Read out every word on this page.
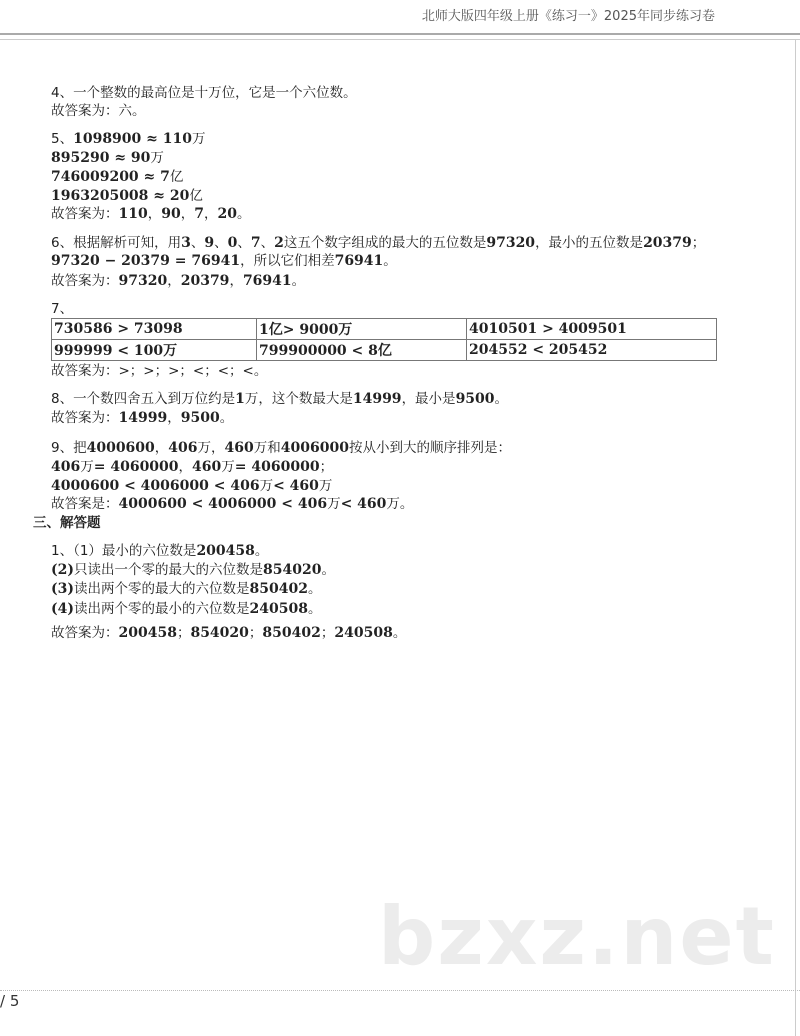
北师大版四年级上册《练习一》2025年同步练习卷
4、一个整数的最高位是十万位，它是一个六位数。
故答案为：六。
5、1098900 ≈ 110万
895290 ≈ 90万
746009200 ≈ 7亿
1963205008 ≈ 20亿
故答案为：110，90，7，20。
6、根据解析可知，用3、9、0、7、2这五个数字组成的最大的五位数是97320，最小的五位数是20379；
97320 − 20379 = 76941，所以它们相差76941。
故答案为：97320，20379，76941。
7、
故答案为：>；>；>；<；<；<。
8、一个数四舍五入到万位约是1万，这个数最大是14999，最小是9500。
故答案为：14999，9500。
9、把4000600，406万，460万和4006000按从小到大的顺序排列是：
406万= 4060000，460万= 4060000；
4000600 < 4006000 < 406万< 460万
故答案是：4000600 < 4006000 < 406万< 460万。
三、解答题
1、（1）最小的六位数是200458。
(2)只读出一个零的最大的六位数是854020。
(3)读出两个零的最大的六位数是850402。
(4)读出两个零的最小的六位数是240508。
故答案为：200458；854020；850402；240508。
730586 > 73098	1亿> 9000万	4010501 > 4009501
999999 < 100万	799900000 < 8亿	204552 < 205452
bzxz.net
/ 5
